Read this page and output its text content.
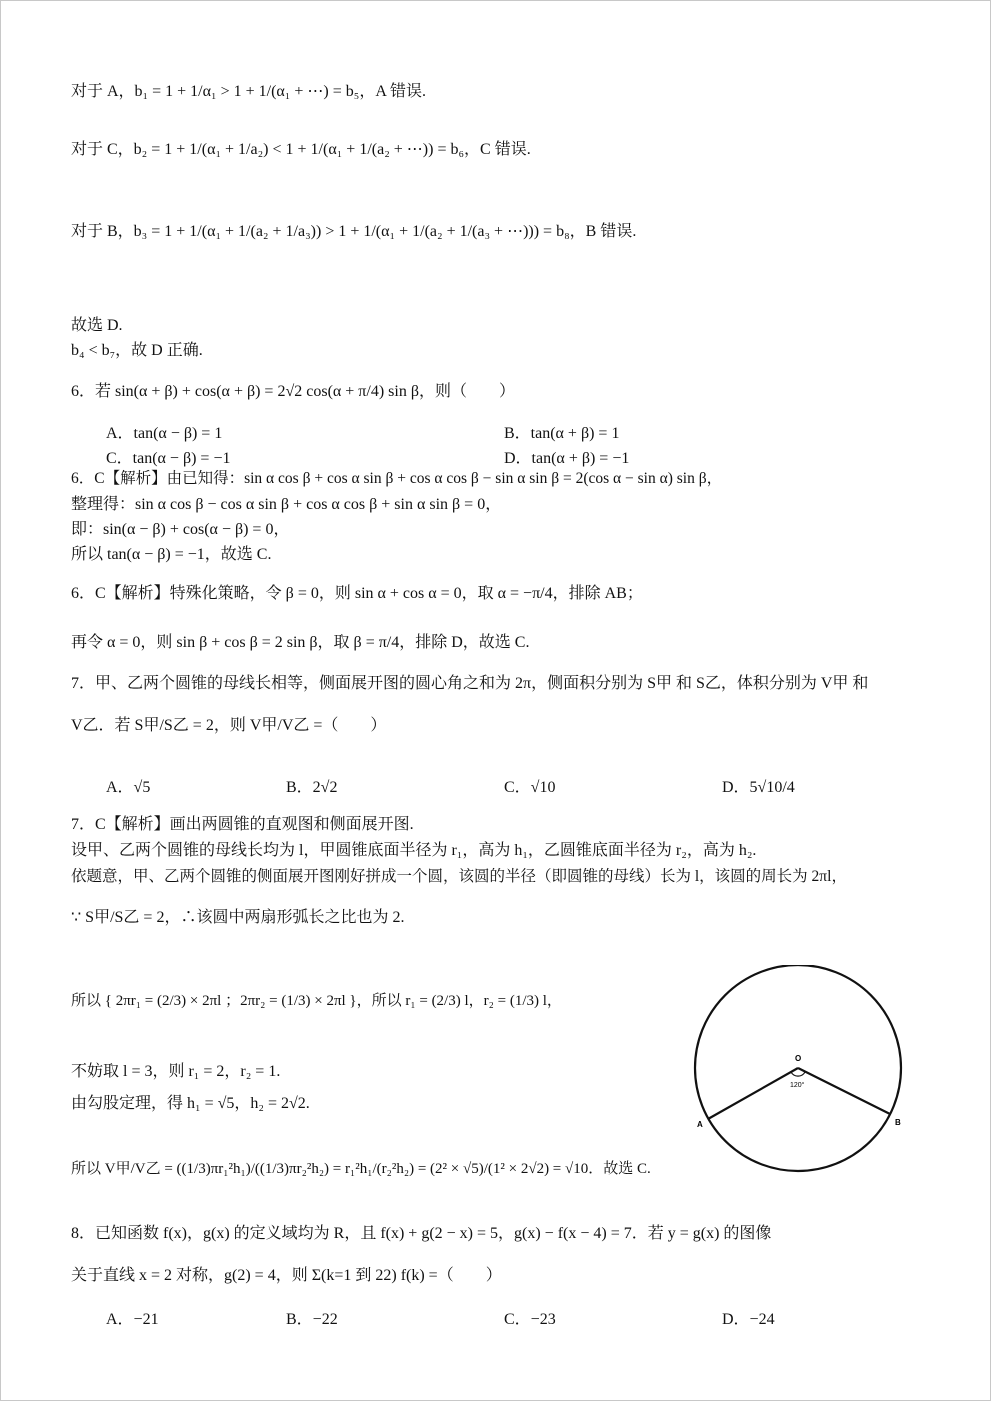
对于 A，b₁ = 1 + 1/α₁ > 1 + 1/(α₁ + ⋯) = b₅，A 错误.
对于 C，b₂ = 1 + 1/(α₁ + 1/a₂) < 1 + 1/(α₁ + 1/(a₂ + ⋯)) = b₆，C 错误.
对于 B，b₃ = 1 + 1/(α₁ + 1/(a₂ + 1/a₃)) > 1 + 1/(α₁ + 1/(a₂ + 1/(a₃ + ⋯))) = b₈，B 错误.
故选 D.
b₄ < b₇，故 D 正确.
6．若 sin(α + β) + cos(α + β) = 2√2 cos(α + π/4) sin β，则（　　）
A．tan(α − β) = 1	B．tan(α + β) = 1
C．tan(α − β) = −1	D．tan(α + β) = −1
6．C【解析】由已知得：sin α cos β + cos α sin β + cos α cos β − sin α sin β = 2(cos α − sin α) sin β，
整理得：sin α cos β − cos α sin β + cos α cos β + sin α sin β = 0，
即：sin(α − β) + cos(α − β) = 0，
所以 tan(α − β) = −1，故选 C.
6．C【解析】特殊化策略，令 β = 0，则 sin α + cos α = 0，取 α = −π/4，排除 AB；
再令 α = 0，则 sin β + cos β = 2 sin β，取 β = π/4，排除 D，故选 C.
7．甲、乙两个圆锥的母线长相等，侧面展开图的圆心角之和为 2π，侧面积分别为 S甲 和 S乙，体积分别为 V甲 和
V乙．若 S甲/S乙 = 2，则 V甲/V乙 =（　　）
A．√5	B．2√2	C．√10	D．5√10/4
7．C【解析】画出两圆锥的直观图和侧面展开图.
设甲、乙两个圆锥的母线长均为 l，甲圆锥底面半径为 r₁，高为 h₁，乙圆锥底面半径为 r₂，高为 h₂.
依题意，甲、乙两个圆锥的侧面展开图刚好拼成一个圆，该圆的半径（即圆锥的母线）长为 l，该圆的周长为 2πl，
∵ S甲/S乙 = 2，∴该圆中两扇形弧长之比也为 2.
所以 { 2πr₁ = (2/3) × 2πl ；2πr₂ = (1/3) × 2πl }，所以 r₁ = (2/3) l，r₂ = (1/3) l，
不妨取 l = 3，则 r₁ = 2，r₂ = 1.
由勾股定理，得 h₁ = √5，h₂ = 2√2.
所以 V甲/V乙 = ((1/3)πr₁²h₁)/((1/3)πr₂²h₂) = r₁²h₁/(r₂²h₂) = (2² × √5)/(1² × 2√2) = √10．故选 C.
O
120°
A	B
8．已知函数 f(x)，g(x) 的定义域均为 R，且 f(x) + g(2 − x) = 5，g(x) − f(x − 4) = 7．若 y = g(x) 的图像
关于直线 x = 2 对称，g(2) = 4，则 Σ(k=1 到 22) f(k) =（　　）
A．−21	B．−22	C．−23	D．−24
